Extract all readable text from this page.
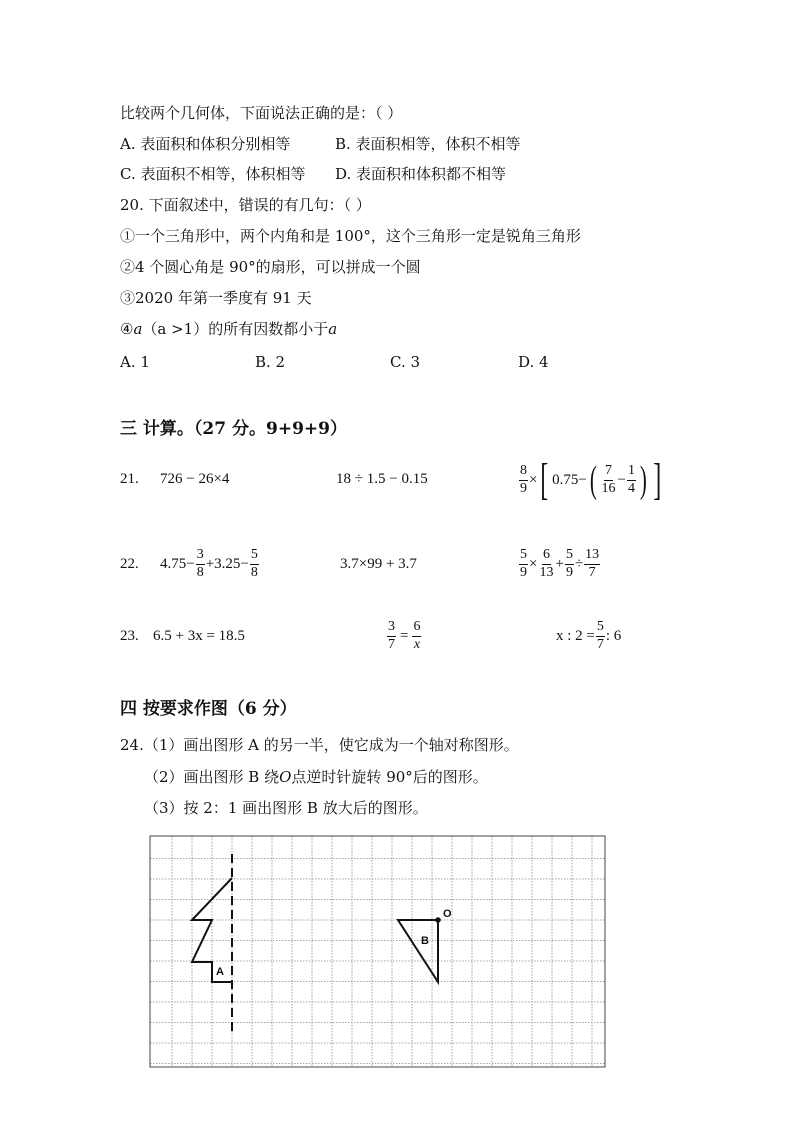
比较两个几何体，下面说法正确的是：（ ）
A. 表面积和体积分别相等	B. 表面积相等，体积不相等
C. 表面积不相等，体积相等 D. 表面积和体积都不相等
20. 下面叙述中，错误的有几句：（ ）
①一个三角形中，两个内角和是 100°，这个三角形一定是锐角三角形
②4 个圆心角是 90°的扇形，可以拼成一个圆
③2020 年第一季度有 91 天
④a（a >1）的所有因数都小于a
A. 1	B. 2	C. 3	D. 4
三 计算。（27 分。9+9+9）
21. 726 − 26×4	18 ÷ 1.5 − 0.15	$\frac{8}{9}$ × [ 0.75− ( $\frac{7}{16} - \frac{1}{4}$ ) ]
22. $4.75- \frac{3}{8} +3.25- \frac{5}{8}$	3.7×99 + 3.7	$\frac{5}{9} \times \frac{6}{13} + \frac{5}{9} \div \frac{13}{7}$
23. 6.5 + 3x = 18.5	$\frac{3}{7} = \frac{6}{x}$	x : $2 = \frac{5}{7}$ : 6
四 按要求作图（6 分）
24.（1）画出图形 A 的另一半，使它成为一个轴对称图形。
（2）画出图形 B 绕O点逆时针旋转 90°后的图形。
（3）按 2：1 画出图形 B 放大后的图形。
A
B
O
